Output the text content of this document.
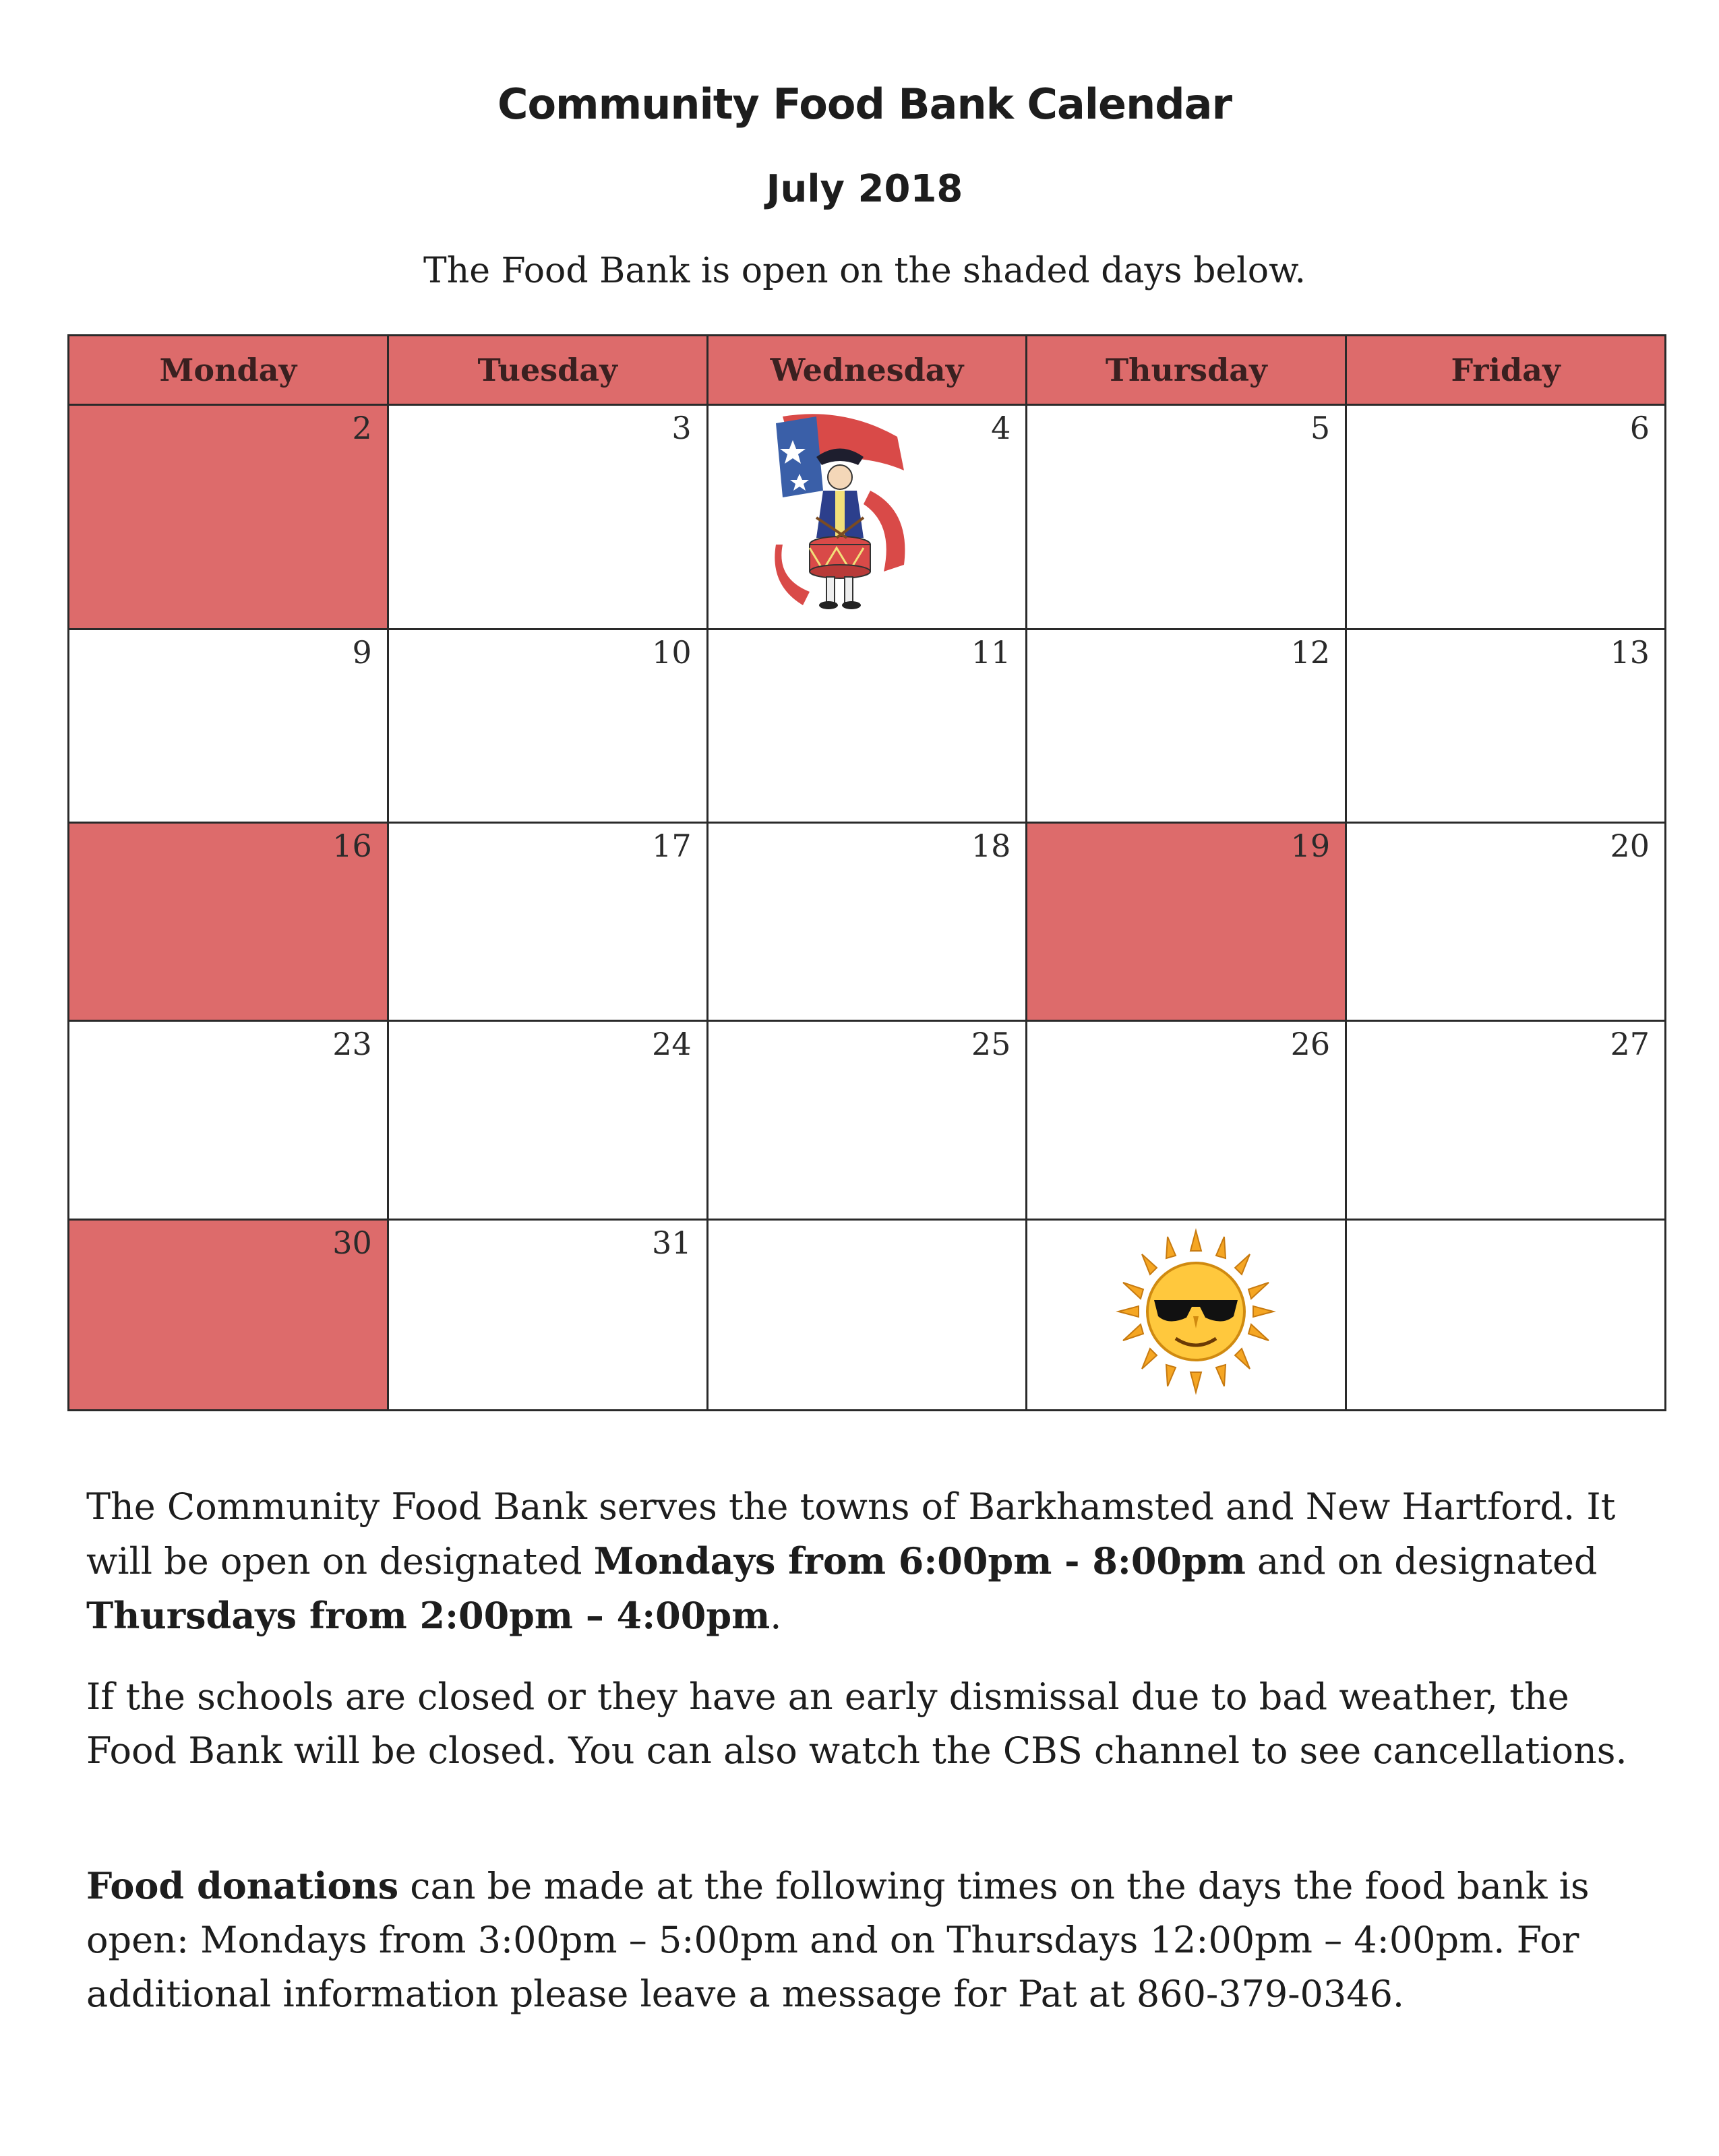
Community Food Bank Calendar
July 2018

The Food Bank is open on the shaded days below.

Monday	Tuesday	Wednesday	Thursday	Friday

2	3	4	5	6

9	10	11	12	13

16	17	18	19	20

23	24	25	26	27

30	31

The Community Food Bank serves the towns of Barkhamsted and New Hartford. It will be open on designated Mondays from 6:00pm - 8:00pm and on designated Thursdays from 2:00pm – 4:00pm.

If the schools are closed or they have an early dismissal due to bad weather, the Food Bank will be closed. You can also watch the CBS channel to see cancellations.

Food donations can be made at the following times on the days the food bank is open: Mondays from 3:00pm – 5:00pm and on Thursdays 12:00pm – 4:00pm. For additional information please leave a message for Pat at 860-379-0346.
